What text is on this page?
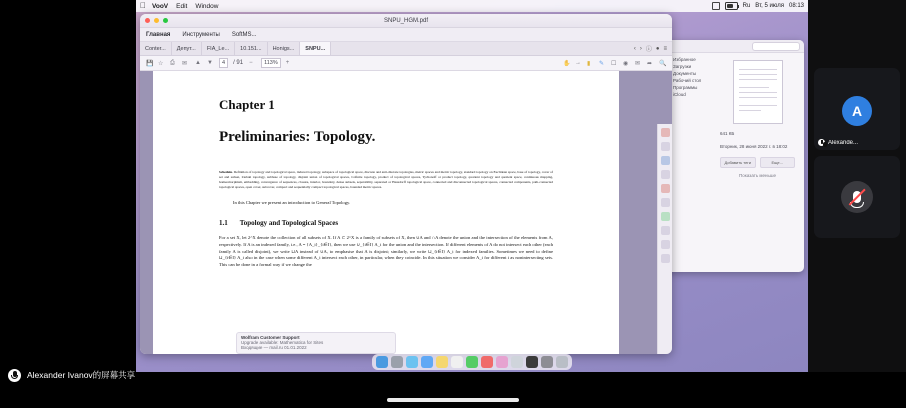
VooV Edit Window	Ru Вт, 5 июля 08:13
Избранное
Загрузки
Документы
Рабочий стол
Программы
iCloud
641 КБ
Вторник, 28 июня 2022 г. в 18:02
Добавить теги	Еще...
Показать меньше
SNPU_HGM.pdf
Главная Инструменты SoftMS...
Conter...	Депут...	FIA_Le...	10.151...	Honigs...	SNPU...	‹ › ⓘ ● ≡
💾 ☆ ⎙	✉	▲ ▼	4	/ 91 −	113%	+	✋ → ▮	✎	☐ ◉ ✉	➦	🔍
Chapter 1
Preliminaries: Topology.
Schedule. Definition of topology and topological space, induced topology, subspace of topological space, discrete and anti-discrete topologies, metric spaces and metric topology, standard topology on Euclidean space, base of topology, cover of set and subset, Zariski topology, subbase of topology, disjoint union of topological spaces, Cofinite topology, product of topological spaces, Tychonoff or product topology, quotient topology and quotient space, continuous mapping, homeomorphism, embedding, convergence of sequences, closure, interior, boundary, dense subsets, separability, separated or Hausdorff topological space, connected and disconnected topological spaces, connected components, path-connected topological spaces, open cover, subcover, compact and sequentially compact topological spaces, bounded metric spaces.
In this Chapter we present an introduction to General Topology.
1.1 Topology and Topological Spaces
For a set X, let 2^X denote the collection of all subsets of X. If A ⊂ 2^X is a family of subsets of X, then ∪A and ∩A denote the union and the intersection of the elements from A, respectively. If A is an indexed family, i.e., A = {A_i}_{i∈I}, then we use ∪_{i∈I} A_i for the union and the intersection. If different elements of A do not intersect each other (each family A is called disjoint), we write ⊔A instead of ∪A, to emphasise that A is disjoint; similarly, we write ⊔_{i∈I} A_i for indexed families. Sometimes we need to define ⊔_{i∈I} A_i also in the case when some different A_i intersect each other, in particular, when they coincide. In this situation we consider A_i for different i as nonintersecting sets. This can be done in a formal way if we change the
Wolfram Customer Support
Upgrade available: Mathematica for Sites
Входящие — mail.ru 01.01.2022
A
Alexande...
Alexander Ivanov的屏幕共享
